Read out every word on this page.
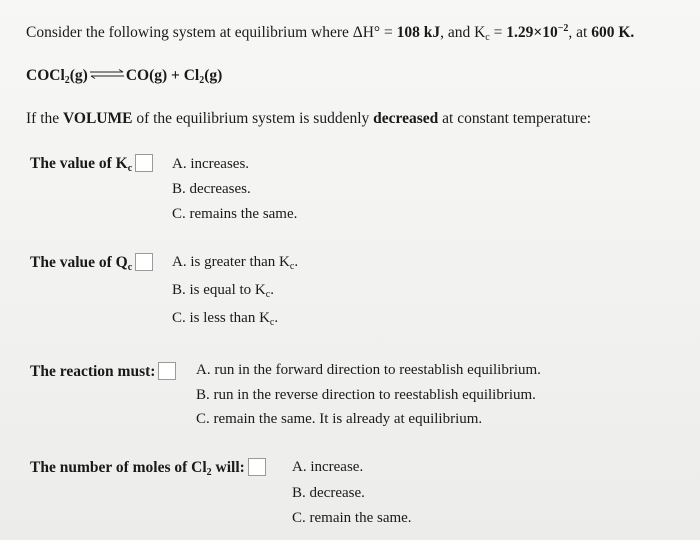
Consider the following system at equilibrium where ΔH° = 108 kJ, and $K_c = 1.29\times 10^{-2}$, at 600 K.
COCl$_2$(g)⇌CO(g) + $Cl_2(g)$
If the VOLUME of the equilibrium system is suddenly decreased at constant temperature:
The value of $K_c$	A. increases.
B. decreases.
C. remains the same.
The value of $Q_c$	A. is greater than $K_c$.
B. is equal to $K_c$.
C. is less than $K_c$.
The reaction must:	A. run in the forward direction to reestablish equilibrium.
B. run in the reverse direction to reestablish equilibrium.
C. remain the same. It is already at equilibrium.
The number of moles of $Cl_2$ will:	A. increase.
B. decrease.
C. remain the same.
